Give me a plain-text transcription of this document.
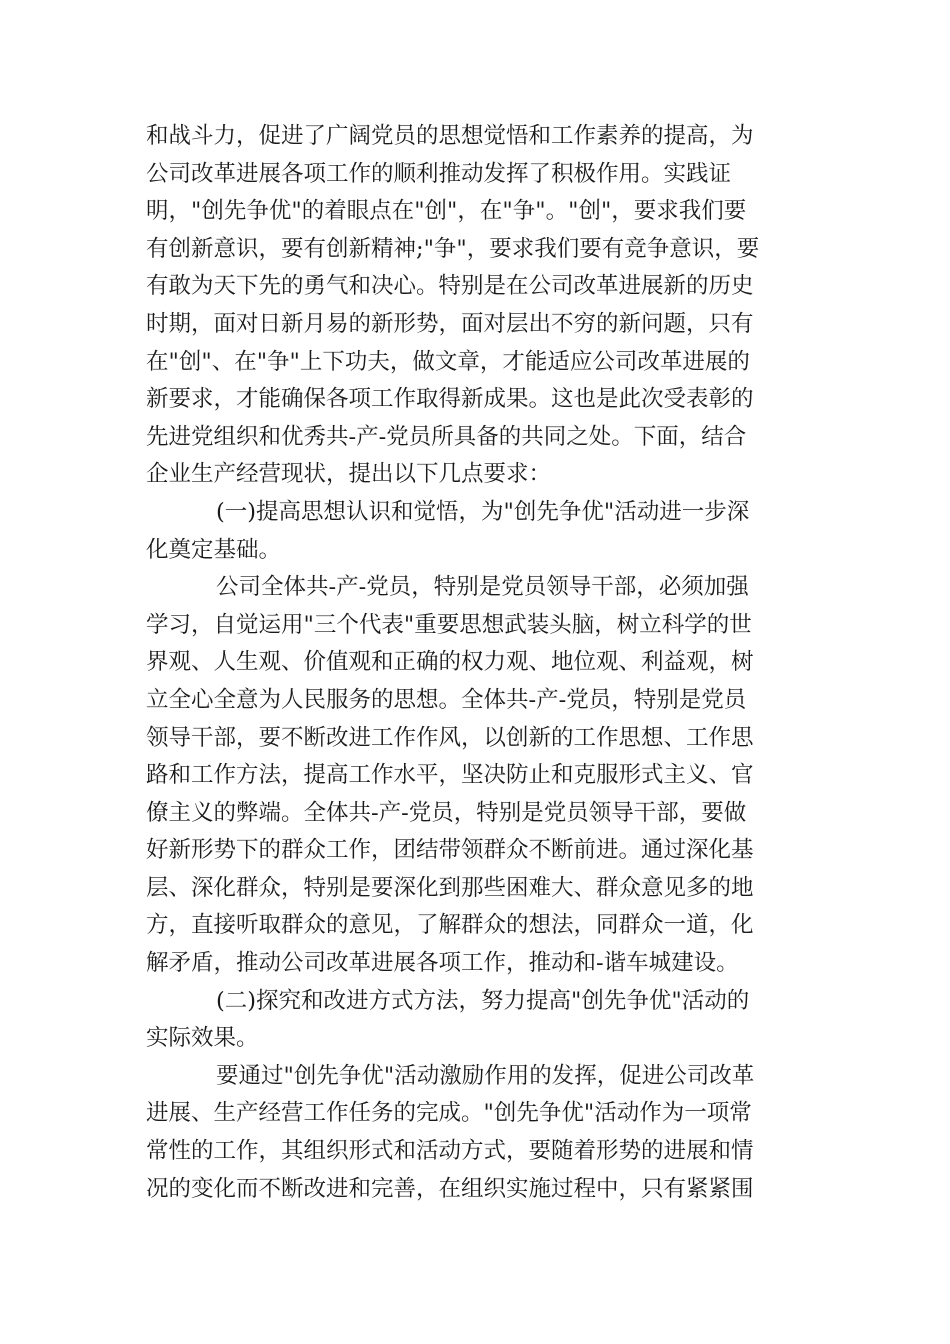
和战斗力，促进了广阔党员的思想觉悟和工作素养的提高，为
公司改革进展各项工作的顺利推动发挥了积极作用。实践证
明，"创先争优"的着眼点在"创"，在"争"。"创"，要求我们要
有创新意识，要有创新精神;"争"，要求我们要有竞争意识，要
有敢为天下先的勇气和决心。特别是在公司改革进展新的历史
时期，面对日新月易的新形势，面对层出不穷的新问题，只有
在"创"、在"争"上下功夫，做文章，才能适应公司改革进展的
新要求，才能确保各项工作取得新成果。这也是此次受表彰的
先进党组织和优秀共-产-党员所具备的共同之处。下面，结合
企业生产经营现状，提出以下几点要求：
(一)提高思想认识和觉悟，为"创先争优"活动进一步深
化奠定基础。
公司全体共-产-党员，特别是党员领导干部，必须加强
学习，自觉运用"三个代表"重要思想武装头脑，树立科学的世
界观、人生观、价值观和正确的权力观、地位观、利益观，树
立全心全意为人民服务的思想。全体共-产-党员，特别是党员
领导干部，要不断改进工作作风，以创新的工作思想、工作思
路和工作方法，提高工作水平，坚决防止和克服形式主义、官
僚主义的弊端。全体共-产-党员，特别是党员领导干部，要做
好新形势下的群众工作，团结带领群众不断前进。通过深化基
层、深化群众，特别是要深化到那些困难大、群众意见多的地
方，直接听取群众的意见，了解群众的想法，同群众一道，化
解矛盾，推动公司改革进展各项工作，推动和-谐车城建设。
(二)探究和改进方式方法，努力提高"创先争优"活动的
实际效果。
要通过"创先争优"活动激励作用的发挥，促进公司改革
进展、生产经营工作任务的完成。"创先争优"活动作为一项常
常性的工作，其组织形式和活动方式，要随着形势的进展和情
况的变化而不断改进和完善，在组织实施过程中，只有紧紧围
